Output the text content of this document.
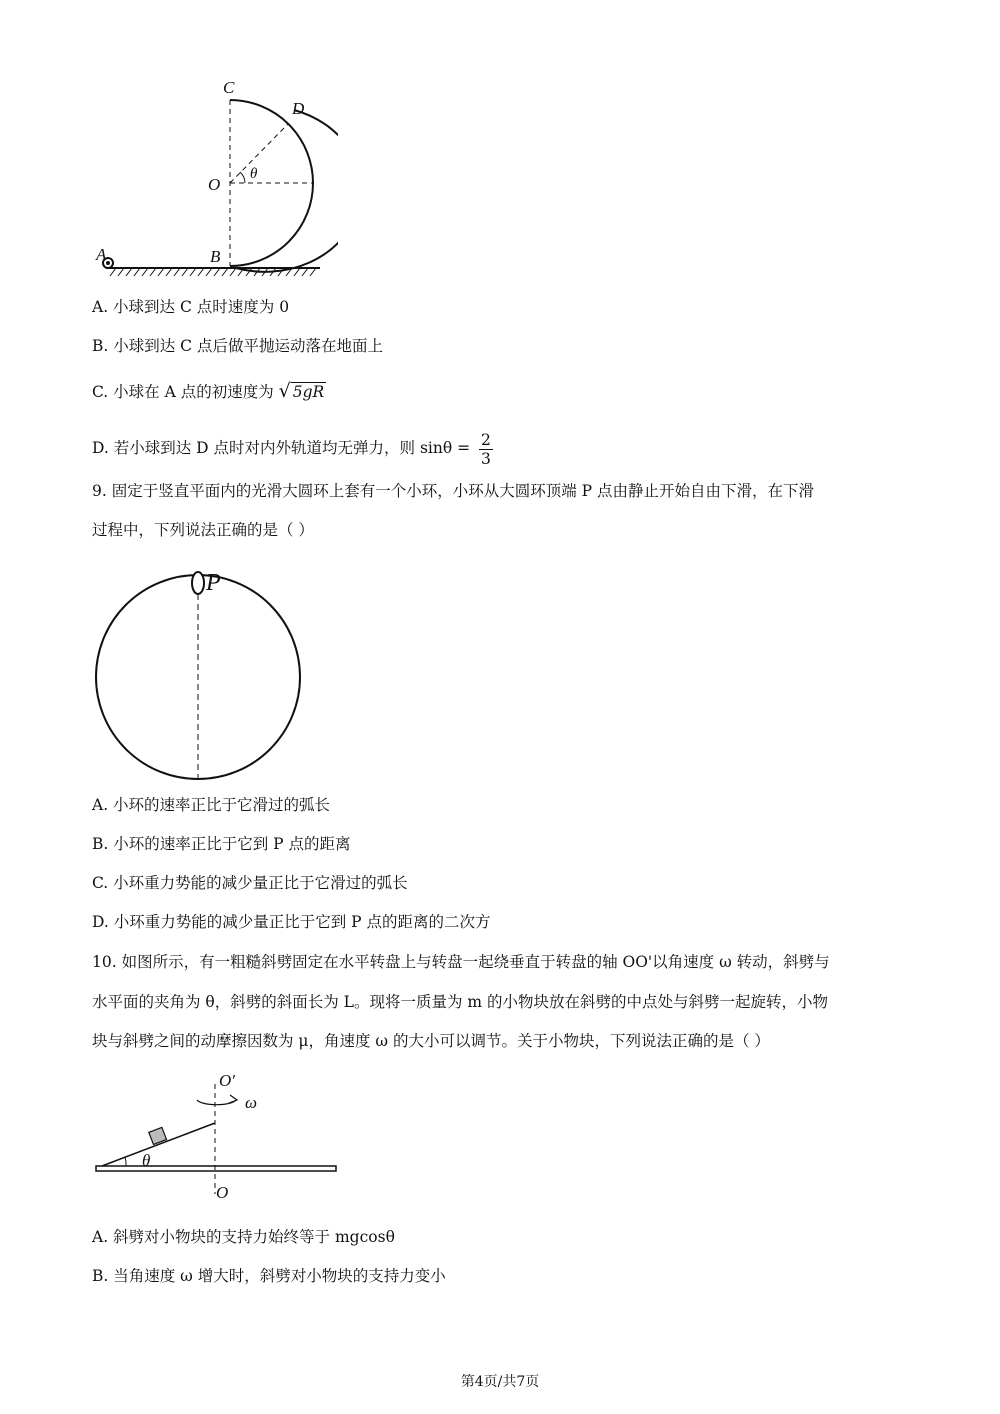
C
D
O
θ
A	B
A. 小球到达 C 点时速度为 0
B. 小球到达 C 点后做平抛运动落在地面上
C. 小球在 A 点的初速度为 √ 5gR
D. 若小球到达 D 点时对内外轨道均无弹力，则 $\sin\theta = \frac{2}{3}$
9. 固定于竖直平面内的光滑大圆环上套有一个小环，小环从大圆环顶端 P 点由静止开始自由下滑，在下滑
过程中，下列说法正确的是（ ）
P
A. 小环的速率正比于它滑过的弧长
B. 小环的速率正比于它到 P 点的距离
C. 小环重力势能的减少量正比于它滑过的弧长
D. 小环重力势能的减少量正比于它到 P 点的距离的二次方
10. 如图所示，有一粗糙斜劈固定在水平转盘上与转盘一起绕垂直于转盘的轴 OO'以角速度 ω 转动，斜劈与
水平面的夹角为 θ，斜劈的斜面长为 L。现将一质量为 m 的小物块放在斜劈的中点处与斜劈一起旋转，小物
块与斜劈之间的动摩擦因数为 μ，角速度 ω 的大小可以调节。关于小物块，下列说法正确的是（ ）
O′
ω
θ
O
A. 斜劈对小物块的支持力始终等于 mgcosθ
B. 当角速度 ω 增大时，斜劈对小物块的支持力变小
第4页/共7页
